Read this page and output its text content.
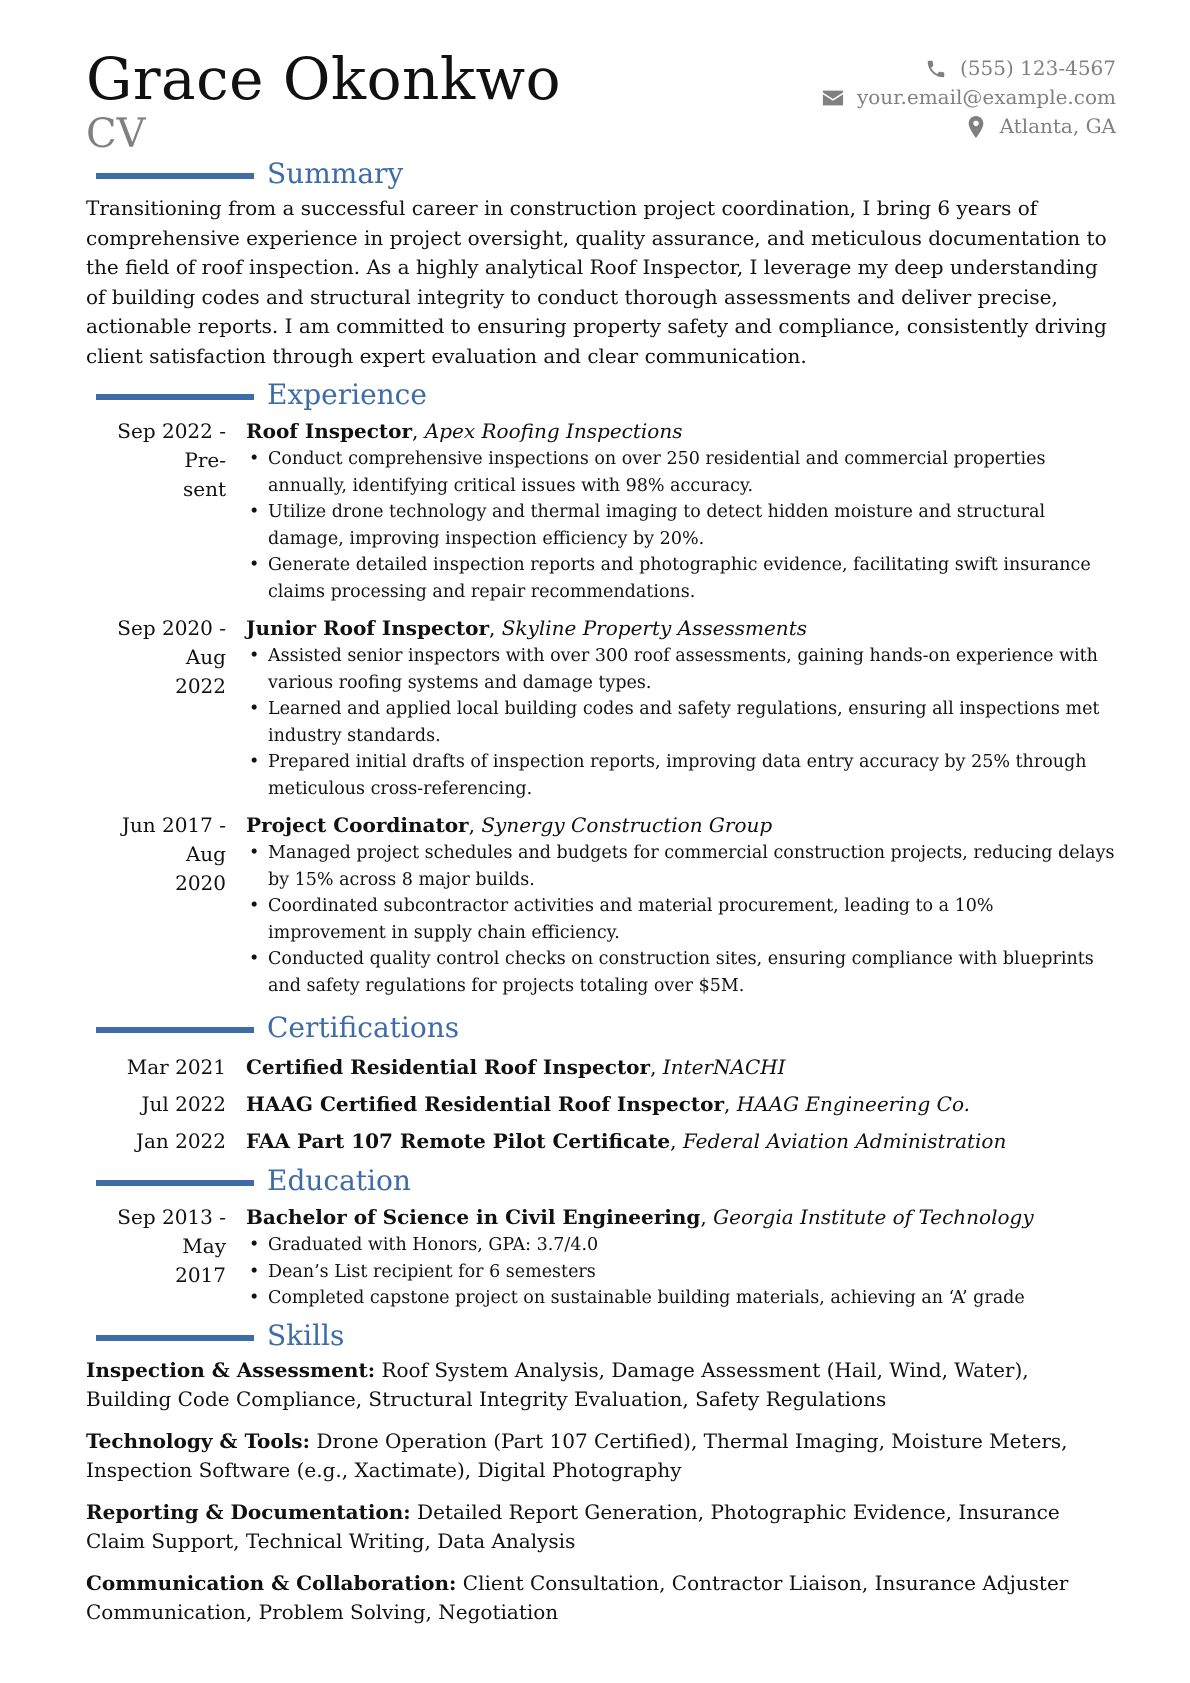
Grace Okonkwo
CV
(555) 123-4567
your.email@example.com
Atlanta, GA
Summary
Transitioning from a successful career in construction project coordination, I bring 6 years of comprehensive experience in project oversight, quality assurance, and meticulous documentation to the field of roof inspection. As a highly analytical Roof Inspector, I leverage my deep understanding of building codes and structural integrity to conduct thorough assessments and deliver precise, actionable reports. I am committed to ensuring property safety and compliance, consistently driving client satisfaction through expert evaluation and clear communication.
Experience
Sep 2022 - Pre-
sent
Roof Inspector, Apex Roofing Inspections
• Conduct comprehensive inspections on over 250 residential and commercial properties annually, identifying critical issues with 98% accuracy.
• Utilize drone technology and thermal imaging to detect hidden moisture and structural damage, improving inspection efficiency by 20%.
• Generate detailed inspection reports and photographic evidence, facilitating swift insurance claims processing and repair recommendations.
Sep 2020 - Aug
2022
Junior Roof Inspector, Skyline Property Assessments
• Assisted senior inspectors with over 300 roof assessments, gaining hands-on experience with various roofing systems and damage types.
• Learned and applied local building codes and safety regulations, ensuring all inspections met industry standards.
• Prepared initial drafts of inspection reports, improving data entry accuracy by 25% through meticulous cross-referencing.
Jun 2017 - Aug
2020
Project Coordinator, Synergy Construction Group
• Managed project schedules and budgets for commercial construction projects, reducing delays by 15% across 8 major builds.
• Coordinated subcontractor activities and material procurement, leading to a 10% improvement in supply chain efficiency.
• Conducted quality control checks on construction sites, ensuring compliance with blueprints and safety regulations for projects totaling over $5M.
Certifications
Mar 2021	Certified Residential Roof Inspector, InterNACHI
Jul 2022	HAAG Certified Residential Roof Inspector, HAAG Engineering Co.
Jan 2022	FAA Part 107 Remote Pilot Certificate, Federal Aviation Administration
Education
Sep 2013 - May
2017
Bachelor of Science in Civil Engineering, Georgia Institute of Technology
• Graduated with Honors, GPA: 3.7/4.0
• Dean’s List recipient for 6 semesters
• Completed capstone project on sustainable building materials, achieving an ‘A’ grade
Skills
Inspection & Assessment: Roof System Analysis, Damage Assessment (Hail, Wind, Water), Building Code Compliance, Structural Integrity Evaluation, Safety Regulations
Technology & Tools: Drone Operation (Part 107 Certified), Thermal Imaging, Moisture Meters, Inspection Software (e.g., Xactimate), Digital Photography
Reporting & Documentation: Detailed Report Generation, Photographic Evidence, Insurance Claim Support, Technical Writing, Data Analysis
Communication & Collaboration: Client Consultation, Contractor Liaison, Insurance Adjuster Communication, Problem Solving, Negotiation
